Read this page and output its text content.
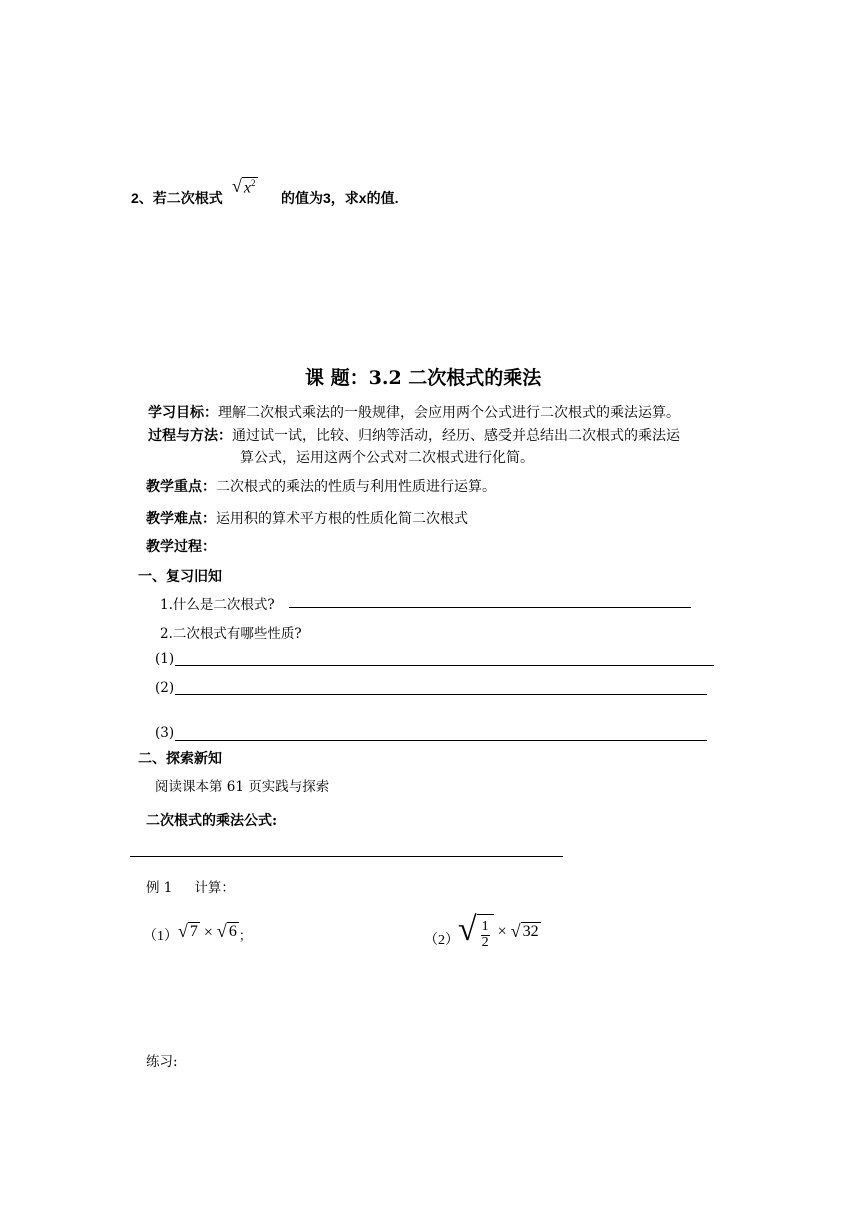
2、若二次根式
√ $x^2$
的值为3，求x的值.
课 题：3.2 二次根式的乘法
学习目标：理解二次根式乘法的一般规律，会应用两个公式进行二次根式的乘法运算。
过程与方法：通过试一试，比较、归纳等活动，经历、感受并总结出二次根式的乘法运
算公式，运用这两个公式对二次根式进行化简。
教学重点：二次根式的乘法的性质与利用性质进行运算。
教学难点：运用积的算术平方根的性质化简二次根式
教学过程：
一、复习旧知
1.什么是二次根式?
2.二次根式有哪些性质?
(1)
(2)
(3)
二、探索新知
阅读课本第 61 页实践与探索
二次根式的乘法公式:
例 1 计算：
（1） √ 7 × √ 6 ；	（2） √ $\frac{1}{2}$ × √ 32
练习:
